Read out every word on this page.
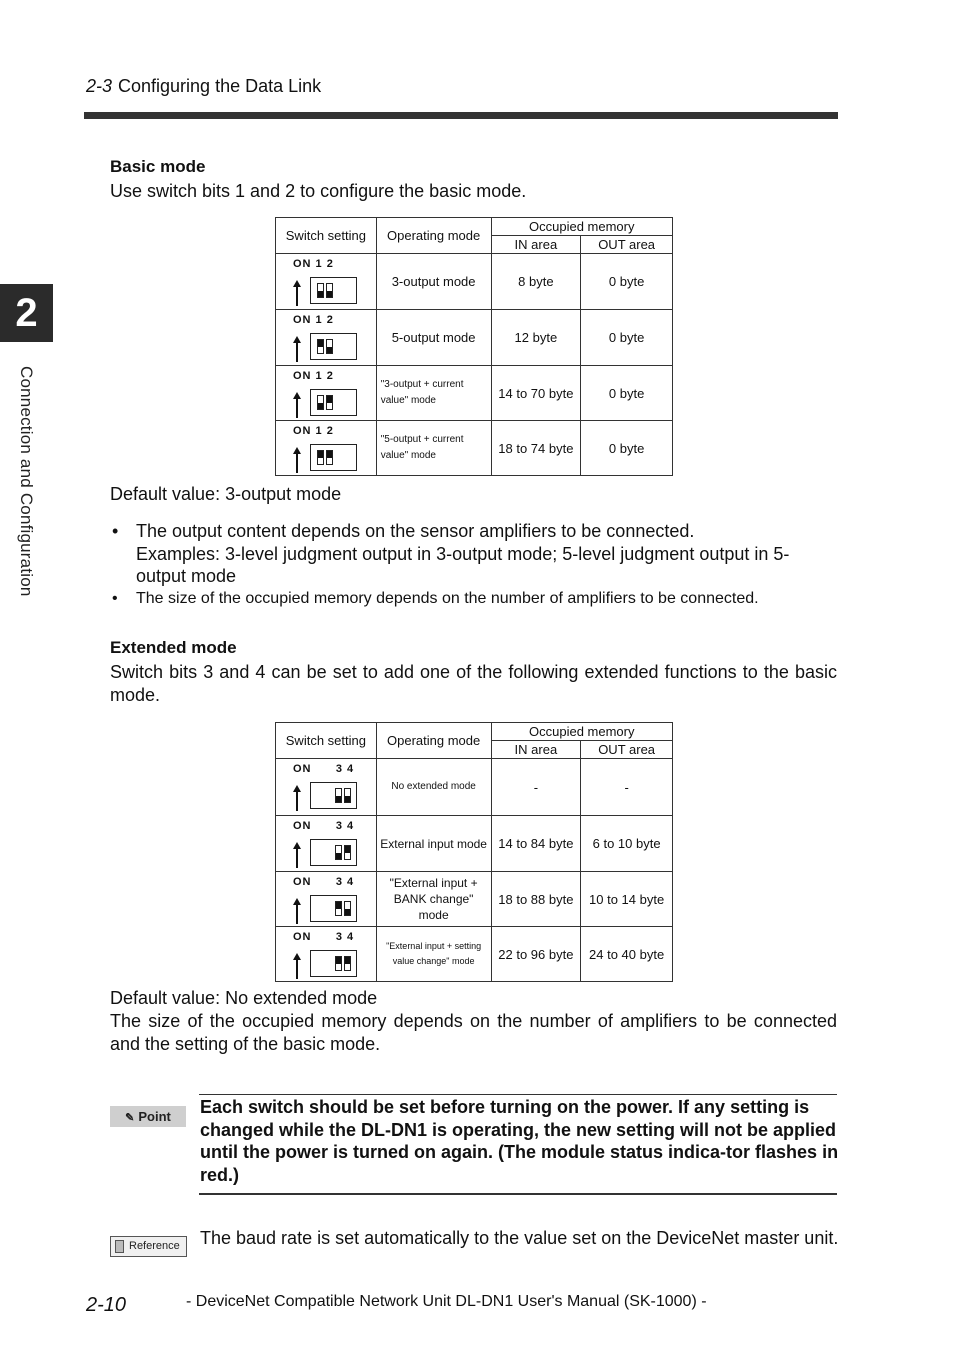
2-3 Configuring the Data Link
2
Connection and Configuration
Basic mode
Use switch bits 1 and 2 to configure the basic mode.
Switch setting	Operating mode	Occupied memory	
		IN area	OUT area

ON 1 2	3-output mode	8 byte	0 byte

ON 1 2	5-output mode	12 byte	0 byte

ON 1 2	"3-output + current value" mode	14 to 70 byte	0 byte

ON 1 2	"5-output + current value" mode	18 to 74 byte	0 byte
Default value: 3-output mode
• The output content depends on the sensor amplifiers to be connected.
Examples: 3-level judgment output in 3-output mode; 5-level judgment output in 5-output mode
• The size of the occupied memory depends on the number of amplifiers to be connected.
Extended mode
Switch bits 3 and 4 can be set to add one of the following extended functions to the basic mode.
Switch setting	Operating mode	Occupied memory	
		IN area	OUT area

ON      3 4	No extended mode	-	-

ON      3 4	External input mode	14 to 84 byte	6 to 10 byte

ON      3 4	"External input + BANK change" mode	18 to 88 byte	10 to 14 byte

ON      3 4	"External input + setting value change" mode	22 to 96 byte	24 to 40 byte
Default value: No extended mode
The size of the occupied memory depends on the number of amplifiers to be connected and the setting of the basic mode.
✎ Point	Each switch should be set before turning on the power. If any setting is changed while the DL-DN1 is operating, the new setting will not be applied until the power is turned on again. (The module status indica-tor flashes in red.)
Reference	The baud rate is set automatically to the value set on the DeviceNet master unit.
2-10	- DeviceNet Compatible Network Unit DL-DN1 User's Manual (SK-1000) -
